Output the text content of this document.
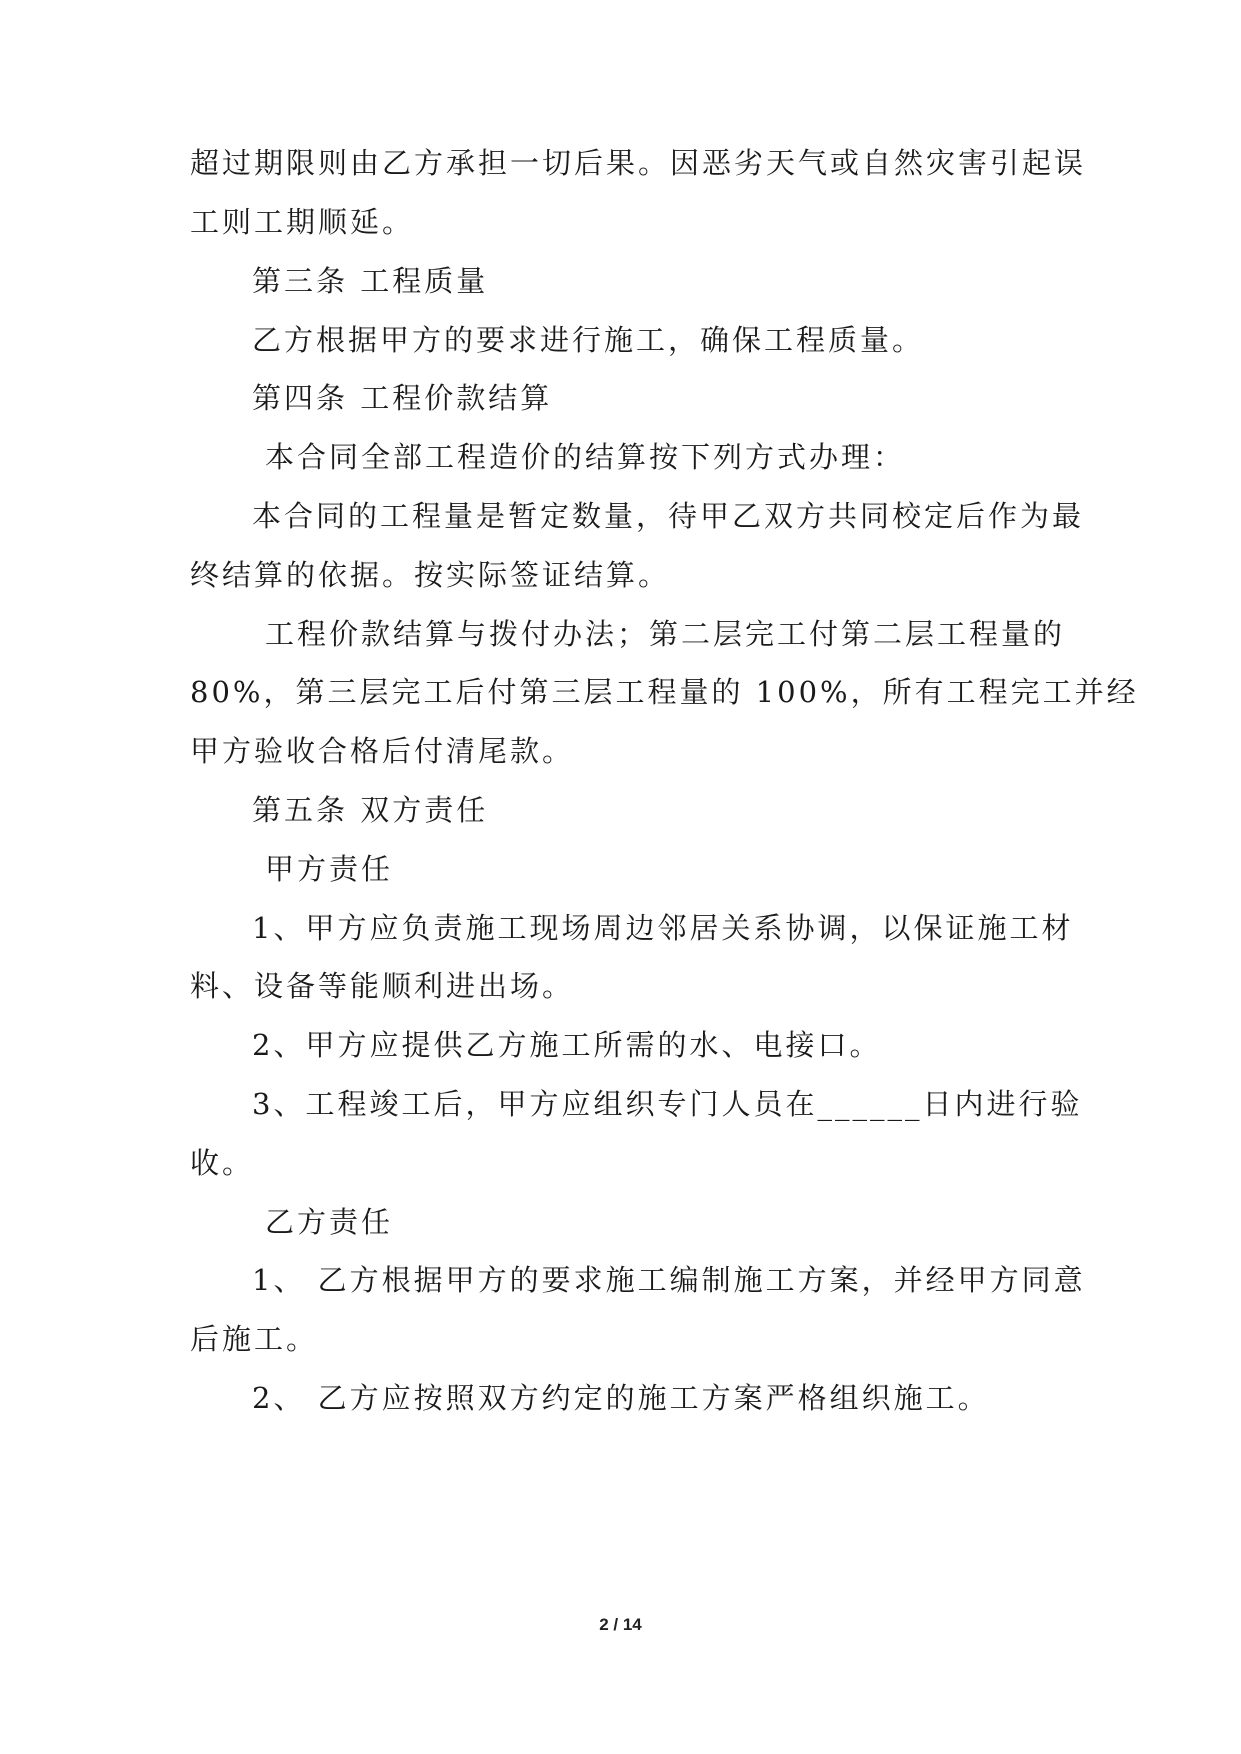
超过期限则由乙方承担一切后果。因恶劣天气或自然灾害引起误
工则工期顺延。
第三条 工程质量
乙方根据甲方的要求进行施工，确保工程质量。
第四条 工程价款结算
本合同全部工程造价的结算按下列方式办理：
本合同的工程量是暂定数量，待甲乙双方共同校定后作为最
终结算的依据。按实际签证结算。
工程价款结算与拨付办法；第二层完工付第二层工程量的
80%，第三层完工后付第三层工程量的 100%，所有工程完工并经
甲方验收合格后付清尾款。
第五条 双方责任
甲方责任
1、甲方应负责施工现场周边邻居关系协调，以保证施工材
料、设备等能顺利进出场。
2、甲方应提供乙方施工所需的水、电接口。
3、工程竣工后，甲方应组织专门人员在______日内进行验
收。
乙方责任
1、 乙方根据甲方的要求施工编制施工方案，并经甲方同意
后施工。
2、 乙方应按照双方约定的施工方案严格组织施工。
2 / 14
